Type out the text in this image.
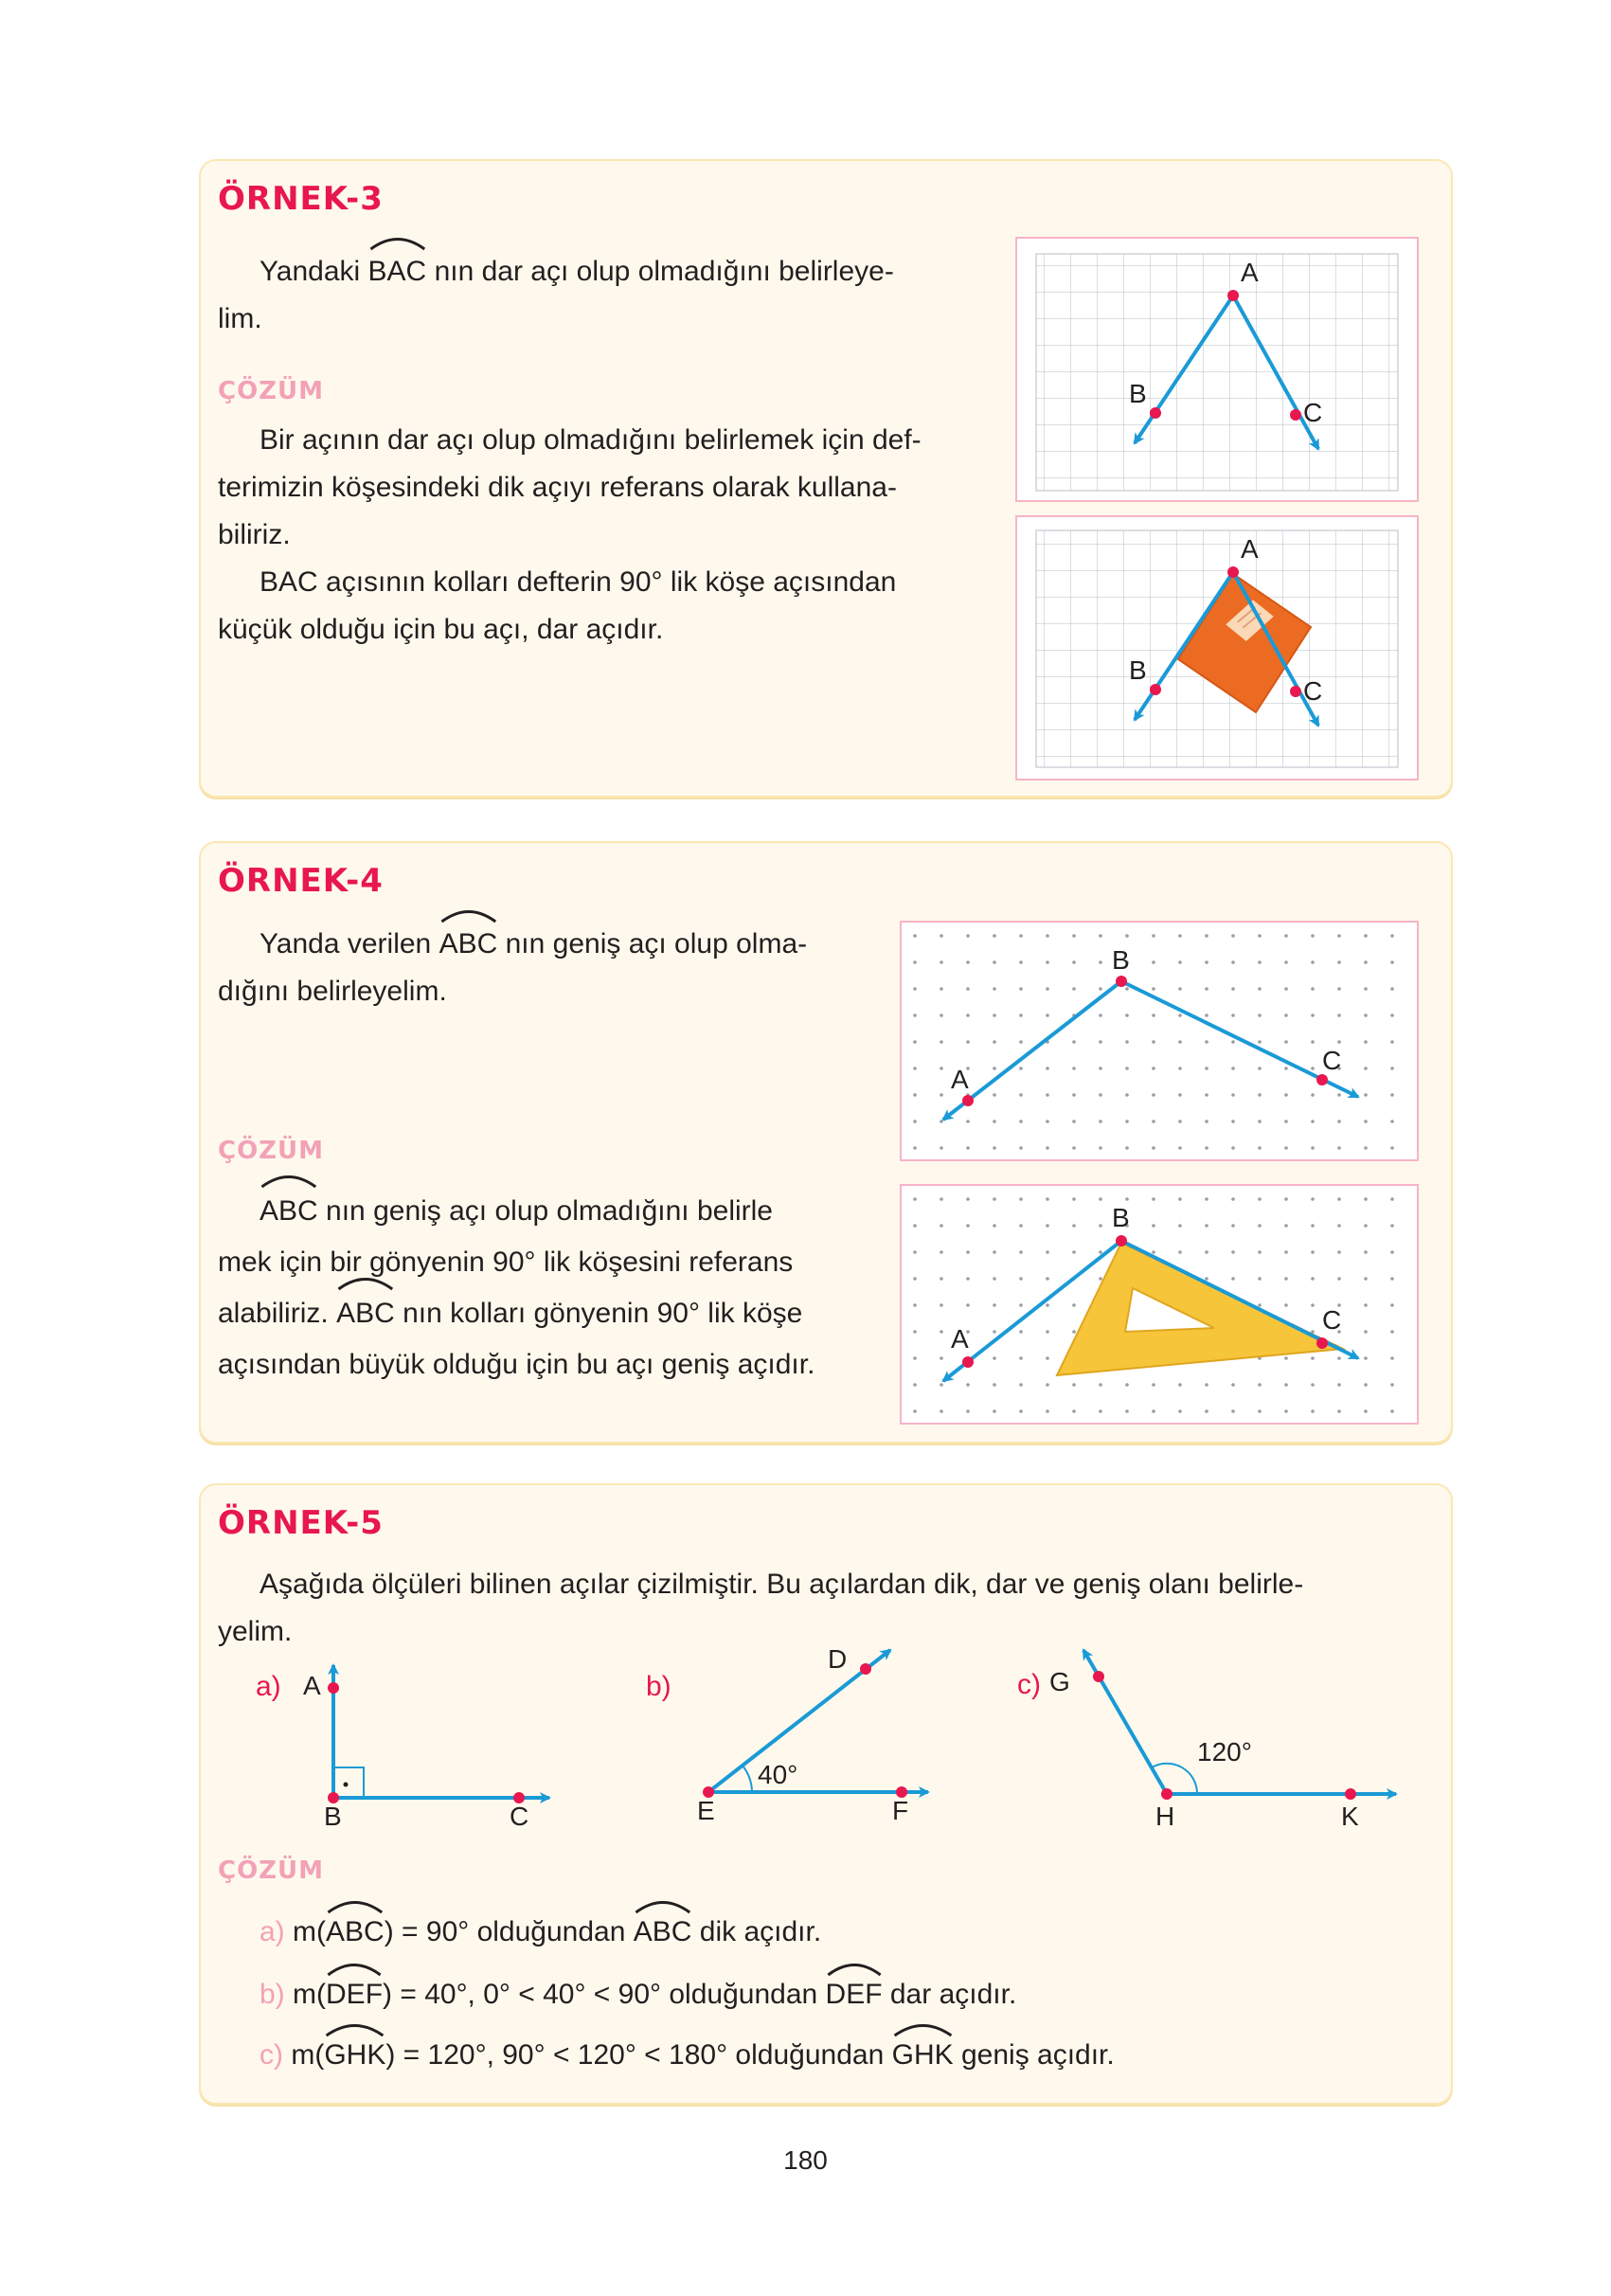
ÖRNEK-3
Yandaki BAC nın dar açı olup olmadığını belirleye-
lim.
ÇÖZÜM
Bir açının dar açı olup olmadığını belirlemek için def-
terimizin köşesindeki dik açıyı referans olarak kullana-
biliriz.
BAC açısının kolları defterin 90° lik köşe açısından
küçük olduğu için bu açı, dar açıdır.
A
B
C
A
B
C
ÖRNEK-4
Yanda verilen ABC nın geniş açı olup olma-
dığını belirleyelim.
ÇÖZÜM
ABC nın geniş açı olup olmadığını belirle
mek için bir gönyenin 90° lik köşesini referans
alabiliriz. ABC nın kolları gönyenin 90° lik köşe
açısından büyük olduğu için bu açı geniş açıdır.
B
A
C
B
A
C
ÖRNEK-5
Aşağıda ölçüleri bilinen açılar çizilmiştir. Bu açılardan dik, dar ve geniş olanı belirle-
yelim.
a) A
B	C
b)
D
E	F
40°
c) G
H	K
120°
ÇÖZÜM
a) m(
ABC) = 90° olduğundan ABC dik açıdır.
b) m(
DEF) = 40°, 0° < 40° < 90° olduğundan DEF dar açıdır.
c) m(
GHK) = 120°, 90° < 120° < 180° olduğundan GHK geniş açıdır.
180
